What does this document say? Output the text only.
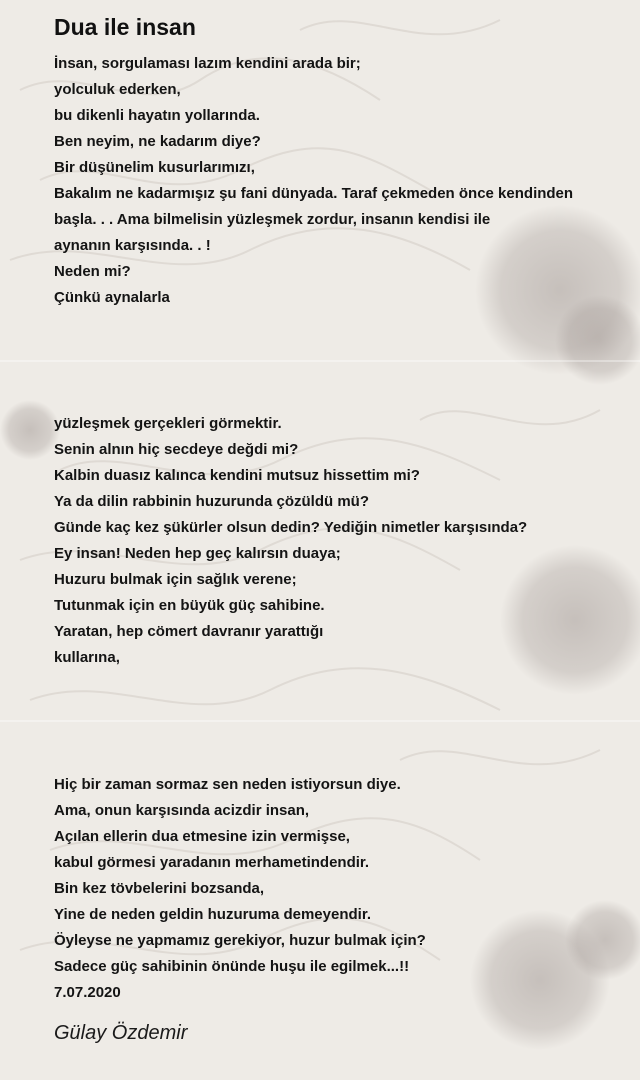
Dua ile insan
İnsan, sorgulaması lazım kendini arada bir;
yolculuk ederken,
bu dikenli hayatın yollarında.
Ben neyim, ne kadarım diye?
Bir düşünelim kusurlarımızı,
Bakalım ne kadarmışız şu fani dünyada. Taraf çekmeden önce kendinden
başla. . . Ama bilmelisin yüzleşmek zordur, insanın kendisi ile
aynanın karşısında. . !
Neden mi?
Çünkü aynalarla
yüzleşmek gerçekleri görmektir.
Senin alnın hiç secdeye değdi mi?
Kalbin duasız kalınca kendini mutsuz hissettim mi?
Ya da dilin rabbinin huzurunda çözüldü mü?
Günde kaç kez şükürler olsun dedin? Yediğin nimetler karşısında?
Ey insan! Neden hep geç kalırsın duaya;
Huzuru bulmak için sağlık verene;
Tutunmak için en büyük güç sahibine.
Yaratan, hep cömert davranır yarattığı
kullarına,
Hiç bir zaman sormaz sen neden istiyorsun diye.
Ama, onun karşısında acizdir insan,
Açılan ellerin dua etmesine izin vermişse,
kabul görmesi yaradanın merhametindendir.
Bin kez tövbelerini bozsanda,
Yine de neden geldin huzuruma demeyendir.
Öyleyse ne yapmamız gerekiyor, huzur bulmak için?
Sadece güç sahibinin önünde huşu ile egilmek...!!
7.07.2020
Gülay Özdemir
